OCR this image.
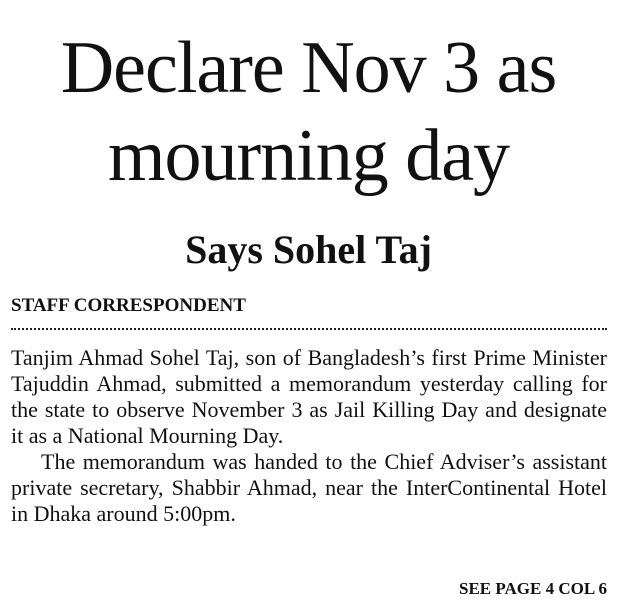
Declare Nov 3 as
mourning day
Says Sohel Taj
STAFF CORRESPONDENT

Tanjim Ahmad Sohel Taj, son of Bangladesh’s first Prime Minister Tajuddin Ahmad, submitted a memorandum yesterday calling for the state to observe November 3 as Jail Killing Day and designate it as a National Mourning Day.

The memorandum was handed to the Chief Adviser’s assistant private secretary, Shabbir Ahmad, near the InterContinental Hotel in Dhaka around 5:00pm.

SEE PAGE 4 COL 6
